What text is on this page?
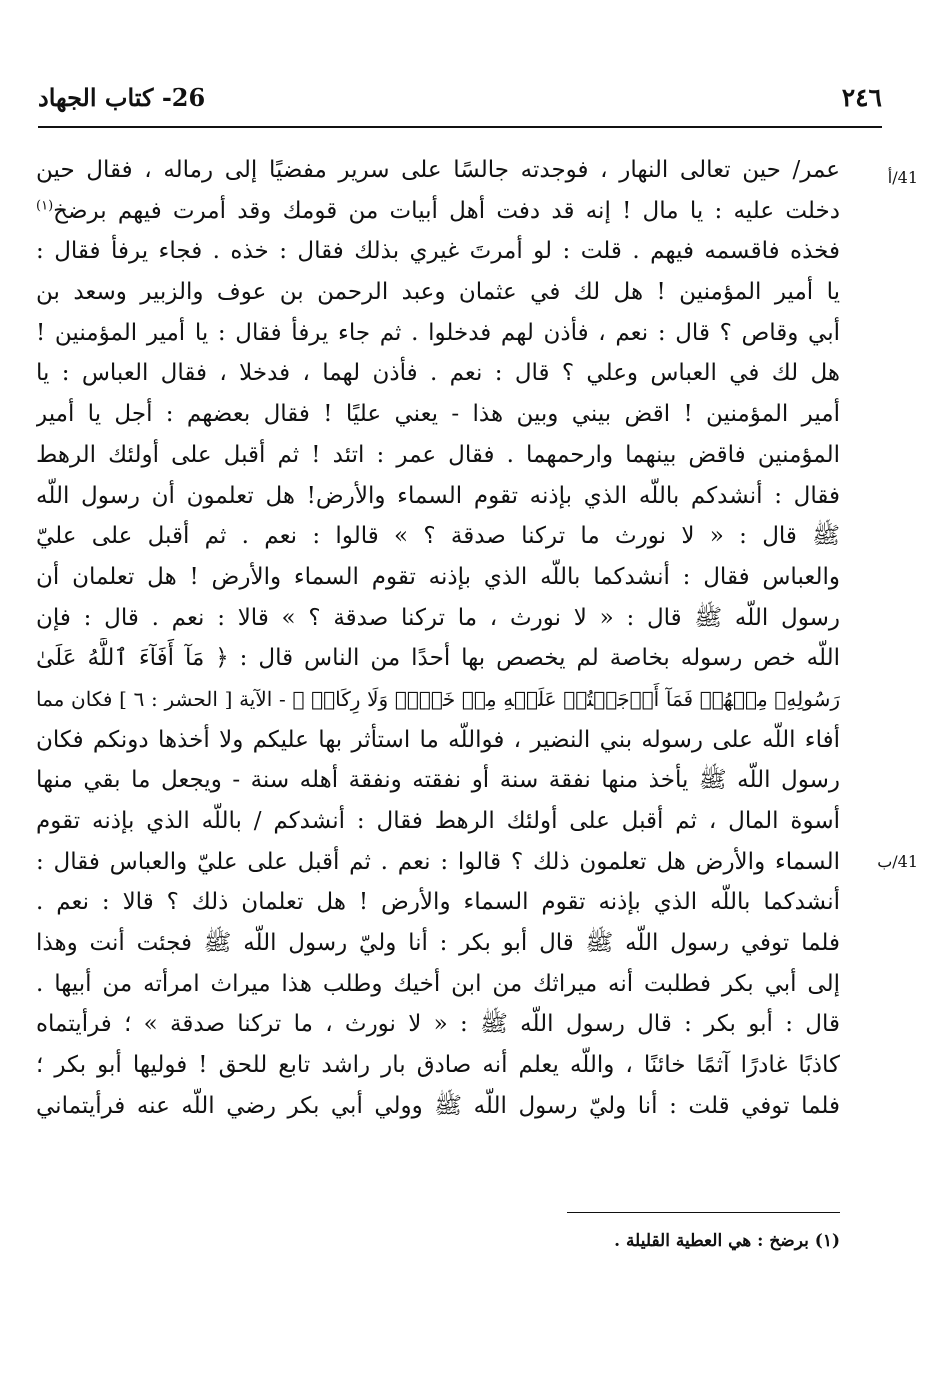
٢٤٦
26- كتاب الجهاد
41/أ
41/ب
عمر/ حين تعالى النهار ، فوجدته جالسًا على سرير مفضيًا إلى رماله ، فقال حين
دخلت عليه : يا مال ! إنه قد دفت أهل أبيات من قومك وقد أمرت فيهم برضخ$^{(١)}$
فخذه فاقسمه فيهم . قلت : لو أمرتَ غيري بذلك فقال : خذه . فجاء يرفأ فقال :
يا أمير المؤمنين ! هل لك في عثمان وعبد الرحمن بن عوف والزبير وسعد بن
أبي وقاص ؟ قال : نعم ، فأذن لهم فدخلوا . ثم جاء يرفأ فقال : يا أمير المؤمنين !
هل لك في العباس وعلي ؟ قال : نعم . فأذن لهما ، فدخلا ، فقال العباس : يا
أمير المؤمنين ! اقض بيني وبين هذا - يعني عليًا ! فقال بعضهم : أجل يا أمير
المؤمنين فاقض بينهما وارحمهما . فقال عمر : اتئد ! ثم أقبل على أولئك الرهط
فقال : أنشدكم باللّه الذي بإذنه تقوم السماء والأرض! هل تعلمون أن رسول اللّه
ﷺ قال : « لا نورث ما تركنا صدقة ؟ » قالوا : نعم . ثم أقبل على عليّ
والعباس فقال : أنشدكما باللّه الذي بإذنه تقوم السماء والأرض ! هل تعلمان أن
رسول اللّه ﷺ قال : « لا نورث ، ما تركنا صدقة ؟ » قالا : نعم . قال : فإن
اللّه خص رسوله بخاصة لم يخصص بها أحدًا من الناس قال : ﴿ مَآ أَفَآءَ ٱللَّهُ عَلَىٰ
رَسُولِهِۦ مِنۡهُمۡ فَمَآ أَوۡجَفۡتُمۡ عَلَيۡهِ مِنۡ خَيۡلٖ وَلَا رِكَابٖ ﴾ - الآية [ الحشر : ٦ ] فكان مما
أفاء اللّه على رسوله بني النضير ، فواللّه ما استأثر بها عليكم ولا أخذها دونكم فكان
رسول اللّه ﷺ يأخذ منها نفقة سنة أو نفقته ونفقة أهله سنة - ويجعل ما بقي منها
أسوة المال ، ثم أقبل على أولئك الرهط فقال : أنشدكم / باللّه الذي بإذنه تقوم
السماء والأرض هل تعلمون ذلك ؟ قالوا : نعم . ثم أقبل على عليّ والعباس فقال :
أنشدكما باللّه الذي بإذنه تقوم السماء والأرض ! هل تعلمان ذلك ؟ قالا : نعم .
فلما توفي رسول اللّه ﷺ قال أبو بكر : أنا وليّ رسول اللّه ﷺ فجئت أنت وهذا
إلى أبي بكر فطلبت أنه ميراثك من ابن أخيك وطلب هذا ميراث امرأته من أبيها .
قال : أبو بكر : قال رسول اللّه ﷺ : « لا نورث ، ما تركنا صدقة » ؛ فرأيتماه
كاذبًا غادرًا آثمًا خائنًا ، واللّه يعلم أنه صادق بار راشد تابع للحق ! فوليها أبو بكر ؛
فلما توفي قلت : أنا وليّ رسول اللّه ﷺ وولي أبي بكر رضي اللّه عنه فرأيتماني
(١) برضخ : هي العطية القليلة .
